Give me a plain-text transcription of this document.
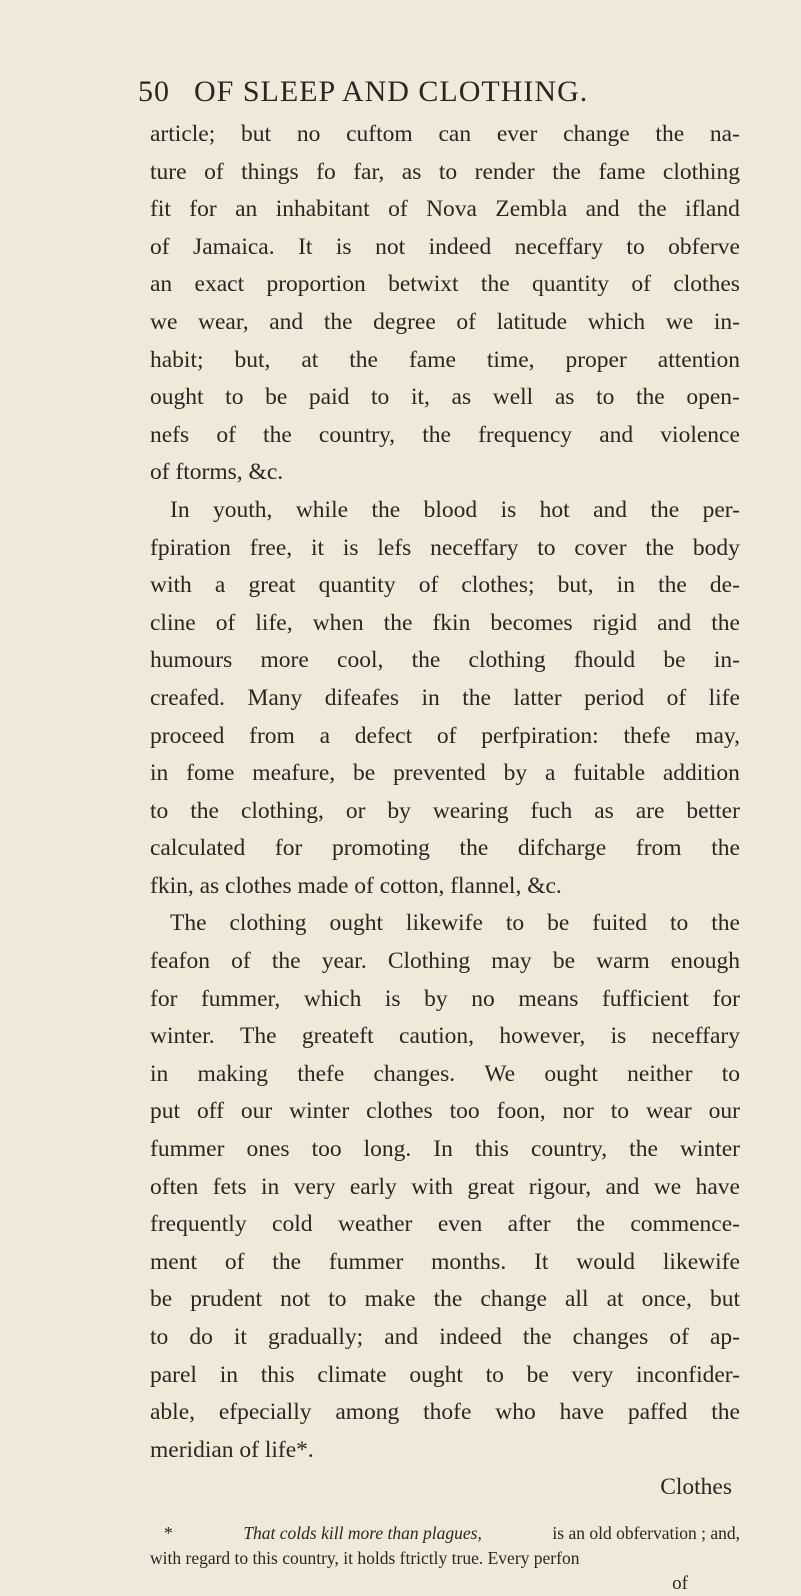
50 OF SLEEP AND CLOTHING.
article; but no cuftom can ever change the na-
ture of things fo far, as to render the fame clothing
fit for an inhabitant of Nova Zembla and the ifland
of Jamaica. It is not indeed neceffary to obferve
an exact proportion betwixt the quantity of clothes
we wear, and the degree of latitude which we in-
habit; but, at the fame time, proper attention
ought to be paid to it, as well as to the open-
nefs of the country, the frequency and violence
of ftorms, &c.
In youth, while the blood is hot and the per-
fpiration free, it is lefs neceffary to cover the body
with a great quantity of clothes; but, in the de-
cline of life, when the fkin becomes rigid and the
humours more cool, the clothing fhould be in-
creafed. Many difeafes in the latter period of life
proceed from a defect of perfpiration: thefe may,
in fome meafure, be prevented by a fuitable addition
to the clothing, or by wearing fuch as are better
calculated for promoting the difcharge from the
fkin, as clothes made of cotton, flannel, &c.
The clothing ought likewife to be fuited to the
feafon of the year. Clothing may be warm enough
for fummer, which is by no means fufficient for
winter. The greateft caution, however, is neceffary
in making thefe changes. We ought neither to
put off our winter clothes too foon, nor to wear our
fummer ones too long. In this country, the winter
often fets in very early with great rigour, and we have
frequently cold weather even after the commence-
ment of the fummer months. It would likewife
be prudent not to make the change all at once, but
to do it gradually; and indeed the changes of ap-
parel in this climate ought to be very inconfider-
able, efpecially among thofe who have paffed the
meridian of life*.
Clothes
*	That colds kill more than plagues,	is an old obfervation ; and,
with regard to this country, it holds ftrictly true. Every perfon
of
